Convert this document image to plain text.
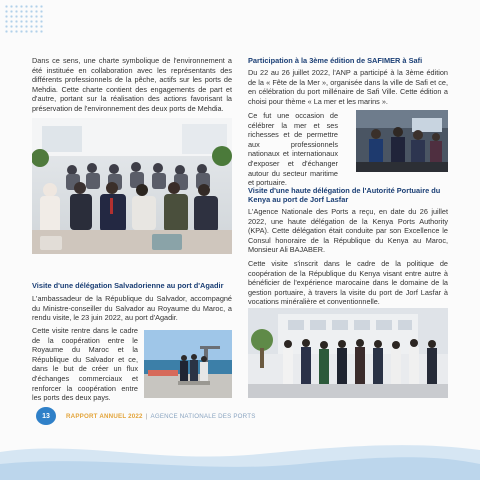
Dans ce sens, une charte symbolique de l'environnement a été instituée en collaboration avec les représentants des différents professionnels de la pêche, actifs sur les ports de Mehdia. Cette charte contient des engagements de part et d'autre, portant sur la réalisation des actions favorisant la préservation de l'environnement des deux ports de Mehdia.

Visite d'une délégation Salvadorienne au port d'Agadir

L'ambassadeur de la République du Salvador, accompagné du Ministre-conseiller du Salvador au Royaume du Maroc, a rendu visite, le 23 juin 2022, au port d'Agadir.

Cette visite rentre dans le cadre de la coopération entre le Royaume du Maroc et la République du Salvador et ce, dans le but de créer un flux d'échanges commerciaux et renforcer la coopération entre les ports des deux pays.

Participation à la 3ème édition de SAFIMER à Safi

Du 22 au 26 juillet 2022, l'ANP a participé à la 3ème édition de la « Fête de la Mer », organisée dans la ville de Safi et ce, en célébration du port millénaire de Safi Ville. Cette édition a choisi pour thème « La mer et les marins ».

Ce fut une occasion de célébrer la mer et ses richesses et de permettre aux professionnels nationaux et internationaux d'exposer et d'échanger autour du secteur maritime et portuaire.

Visite d'une haute délégation de l'Autorité Portuaire du Kenya au port de Jorf Lasfar

L'Agence Nationale des Ports a reçu, en date du 26 juillet 2022, une haute délégation de la Kenya Ports Authority (KPA). Cette délégation était conduite par son Excellence le Consul honoraire de la République du Kenya au Maroc, Monsieur Ali BAJABER.

Cette visite s'inscrit dans le cadre de la politique de coopération de la République du Kenya visant entre autre à bénéficier de l'expérience marocaine dans le domaine de la gestion portuaire, à travers la visite du port de Jorf Lasfar à vocations minéralière et conventionnelle.

13	RAPPORT ANNUEL 2022 | AGENCE NATIONALE DES PORTS
